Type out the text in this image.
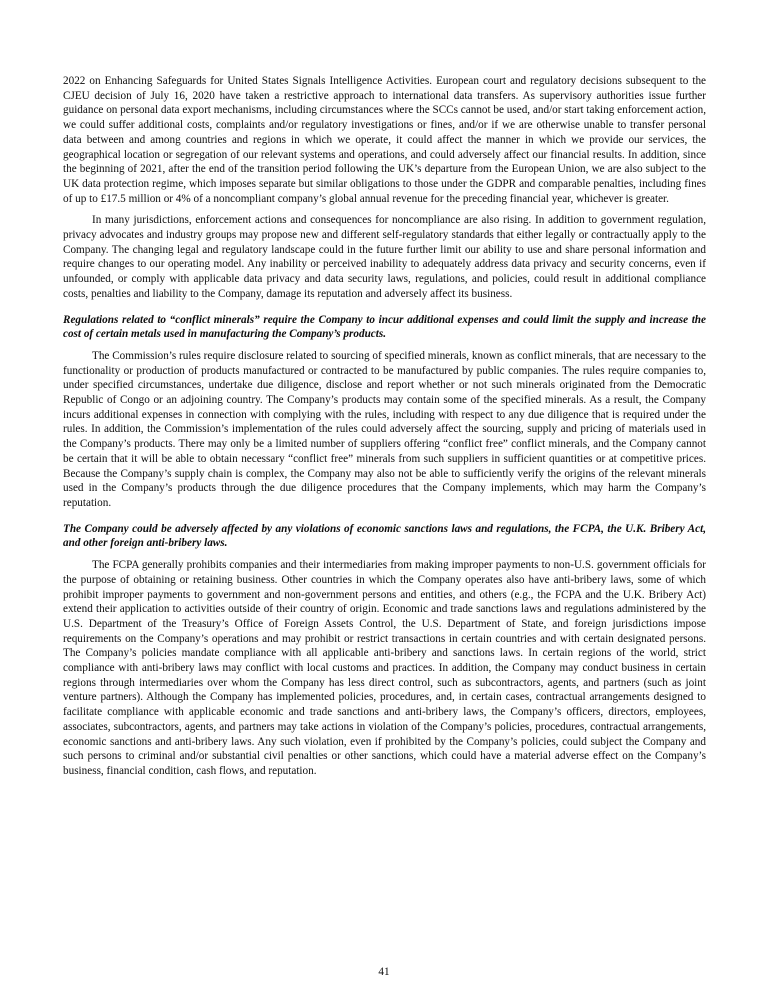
2022 on Enhancing Safeguards for United States Signals Intelligence Activities. European court and regulatory decisions subsequent to the CJEU decision of July 16, 2020 have taken a restrictive approach to international data transfers. As supervisory authorities issue further guidance on personal data export mechanisms, including circumstances where the SCCs cannot be used, and/or start taking enforcement action, we could suffer additional costs, complaints and/or regulatory investigations or fines, and/or if we are otherwise unable to transfer personal data between and among countries and regions in which we operate, it could affect the manner in which we provide our services, the geographical location or segregation of our relevant systems and operations, and could adversely affect our financial results. In addition, since the beginning of 2021, after the end of the transition period following the UK’s departure from the European Union, we are also subject to the UK data protection regime, which imposes separate but similar obligations to those under the GDPR and comparable penalties, including fines of up to £17.5 million or 4% of a noncompliant company’s global annual revenue for the preceding financial year, whichever is greater.

In many jurisdictions, enforcement actions and consequences for noncompliance are also rising. In addition to government regulation, privacy advocates and industry groups may propose new and different self-regulatory standards that either legally or contractually apply to the Company. The changing legal and regulatory landscape could in the future further limit our ability to use and share personal information and require changes to our operating model. Any inability or perceived inability to adequately address data privacy and security concerns, even if unfounded, or comply with applicable data privacy and data security laws, regulations, and policies, could result in additional compliance costs, penalties and liability to the Company, damage its reputation and adversely affect its business.

Regulations related to “conflict minerals” require the Company to incur additional expenses and could limit the supply and increase the cost of certain metals used in manufacturing the Company’s products.

The Commission’s rules require disclosure related to sourcing of specified minerals, known as conflict minerals, that are necessary to the functionality or production of products manufactured or contracted to be manufactured by public companies. The rules require companies to, under specified circumstances, undertake due diligence, disclose and report whether or not such minerals originated from the Democratic Republic of Congo or an adjoining country. The Company’s products may contain some of the specified minerals. As a result, the Company incurs additional expenses in connection with complying with the rules, including with respect to any due diligence that is required under the rules. In addition, the Commission’s implementation of the rules could adversely affect the sourcing, supply and pricing of materials used in the Company’s products. There may only be a limited number of suppliers offering “conflict free” conflict minerals, and the Company cannot be certain that it will be able to obtain necessary “conflict free” minerals from such suppliers in sufficient quantities or at competitive prices. Because the Company’s supply chain is complex, the Company may also not be able to sufficiently verify the origins of the relevant minerals used in the Company’s products through the due diligence procedures that the Company implements, which may harm the Company’s reputation.

The Company could be adversely affected by any violations of economic sanctions laws and regulations, the FCPA, the U.K. Bribery Act, and other foreign anti-bribery laws.

The FCPA generally prohibits companies and their intermediaries from making improper payments to non-U.S. government officials for the purpose of obtaining or retaining business. Other countries in which the Company operates also have anti-bribery laws, some of which prohibit improper payments to government and non-government persons and entities, and others (e.g., the FCPA and the U.K. Bribery Act) extend their application to activities outside of their country of origin. Economic and trade sanctions laws and regulations administered by the U.S. Department of the Treasury’s Office of Foreign Assets Control, the U.S. Department of State, and foreign jurisdictions impose requirements on the Company’s operations and may prohibit or restrict transactions in certain countries and with certain designated persons. The Company’s policies mandate compliance with all applicable anti-bribery and sanctions laws. In certain regions of the world, strict compliance with anti-bribery laws may conflict with local customs and practices. In addition, the Company may conduct business in certain regions through intermediaries over whom the Company has less direct control, such as subcontractors, agents, and partners (such as joint venture partners). Although the Company has implemented policies, procedures, and, in certain cases, contractual arrangements designed to facilitate compliance with applicable economic and trade sanctions and anti-bribery laws, the Company’s officers, directors, employees, associates, subcontractors, agents, and partners may take actions in violation of the Company’s policies, procedures, contractual arrangements, economic sanctions and anti-bribery laws. Any such violation, even if prohibited by the Company’s policies, could subject the Company and such persons to criminal and/or substantial civil penalties or other sanctions, which could have a material adverse effect on the Company’s business, financial condition, cash flows, and reputation.

41
